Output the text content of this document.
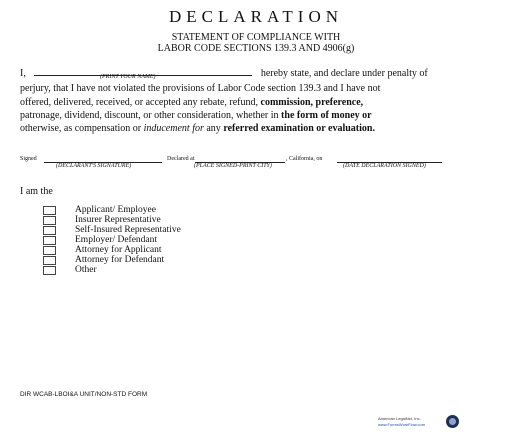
DECLARATION
STATEMENT OF COMPLIANCE WITH
LABOR CODE SECTIONS 139.3 AND 4906(g)
I,	hereby state, and declare under penalty of
(PRINT YOUR NAME)
perjury, that I have not violated the provisions of Labor Code section 139.3 and I have not
offered, delivered, received, or accepted any rebate, refund, commission, preference,
patronage, dividend, discount, or other consideration, whether in the form of money or
otherwise, as compensation or inducement for any referred examination or evaluation.
Signed	Declared at	, California, on
(DECLARANT'S SIGNATURE)	(PLACE SIGNED-PRINT CITY)	(DATE DECLARATION SIGNED)
I am the
Applicant/ Employee
Insurer Representative
Self-Insured Representative
Employer/ Defendant
Attorney for Applicant
Attorney for Defendant
Other
DIR WCAB-LBOI&A UNIT/NON-STD FORM
American LegalNet, Inc.
www.FormsWorkFlow.com
